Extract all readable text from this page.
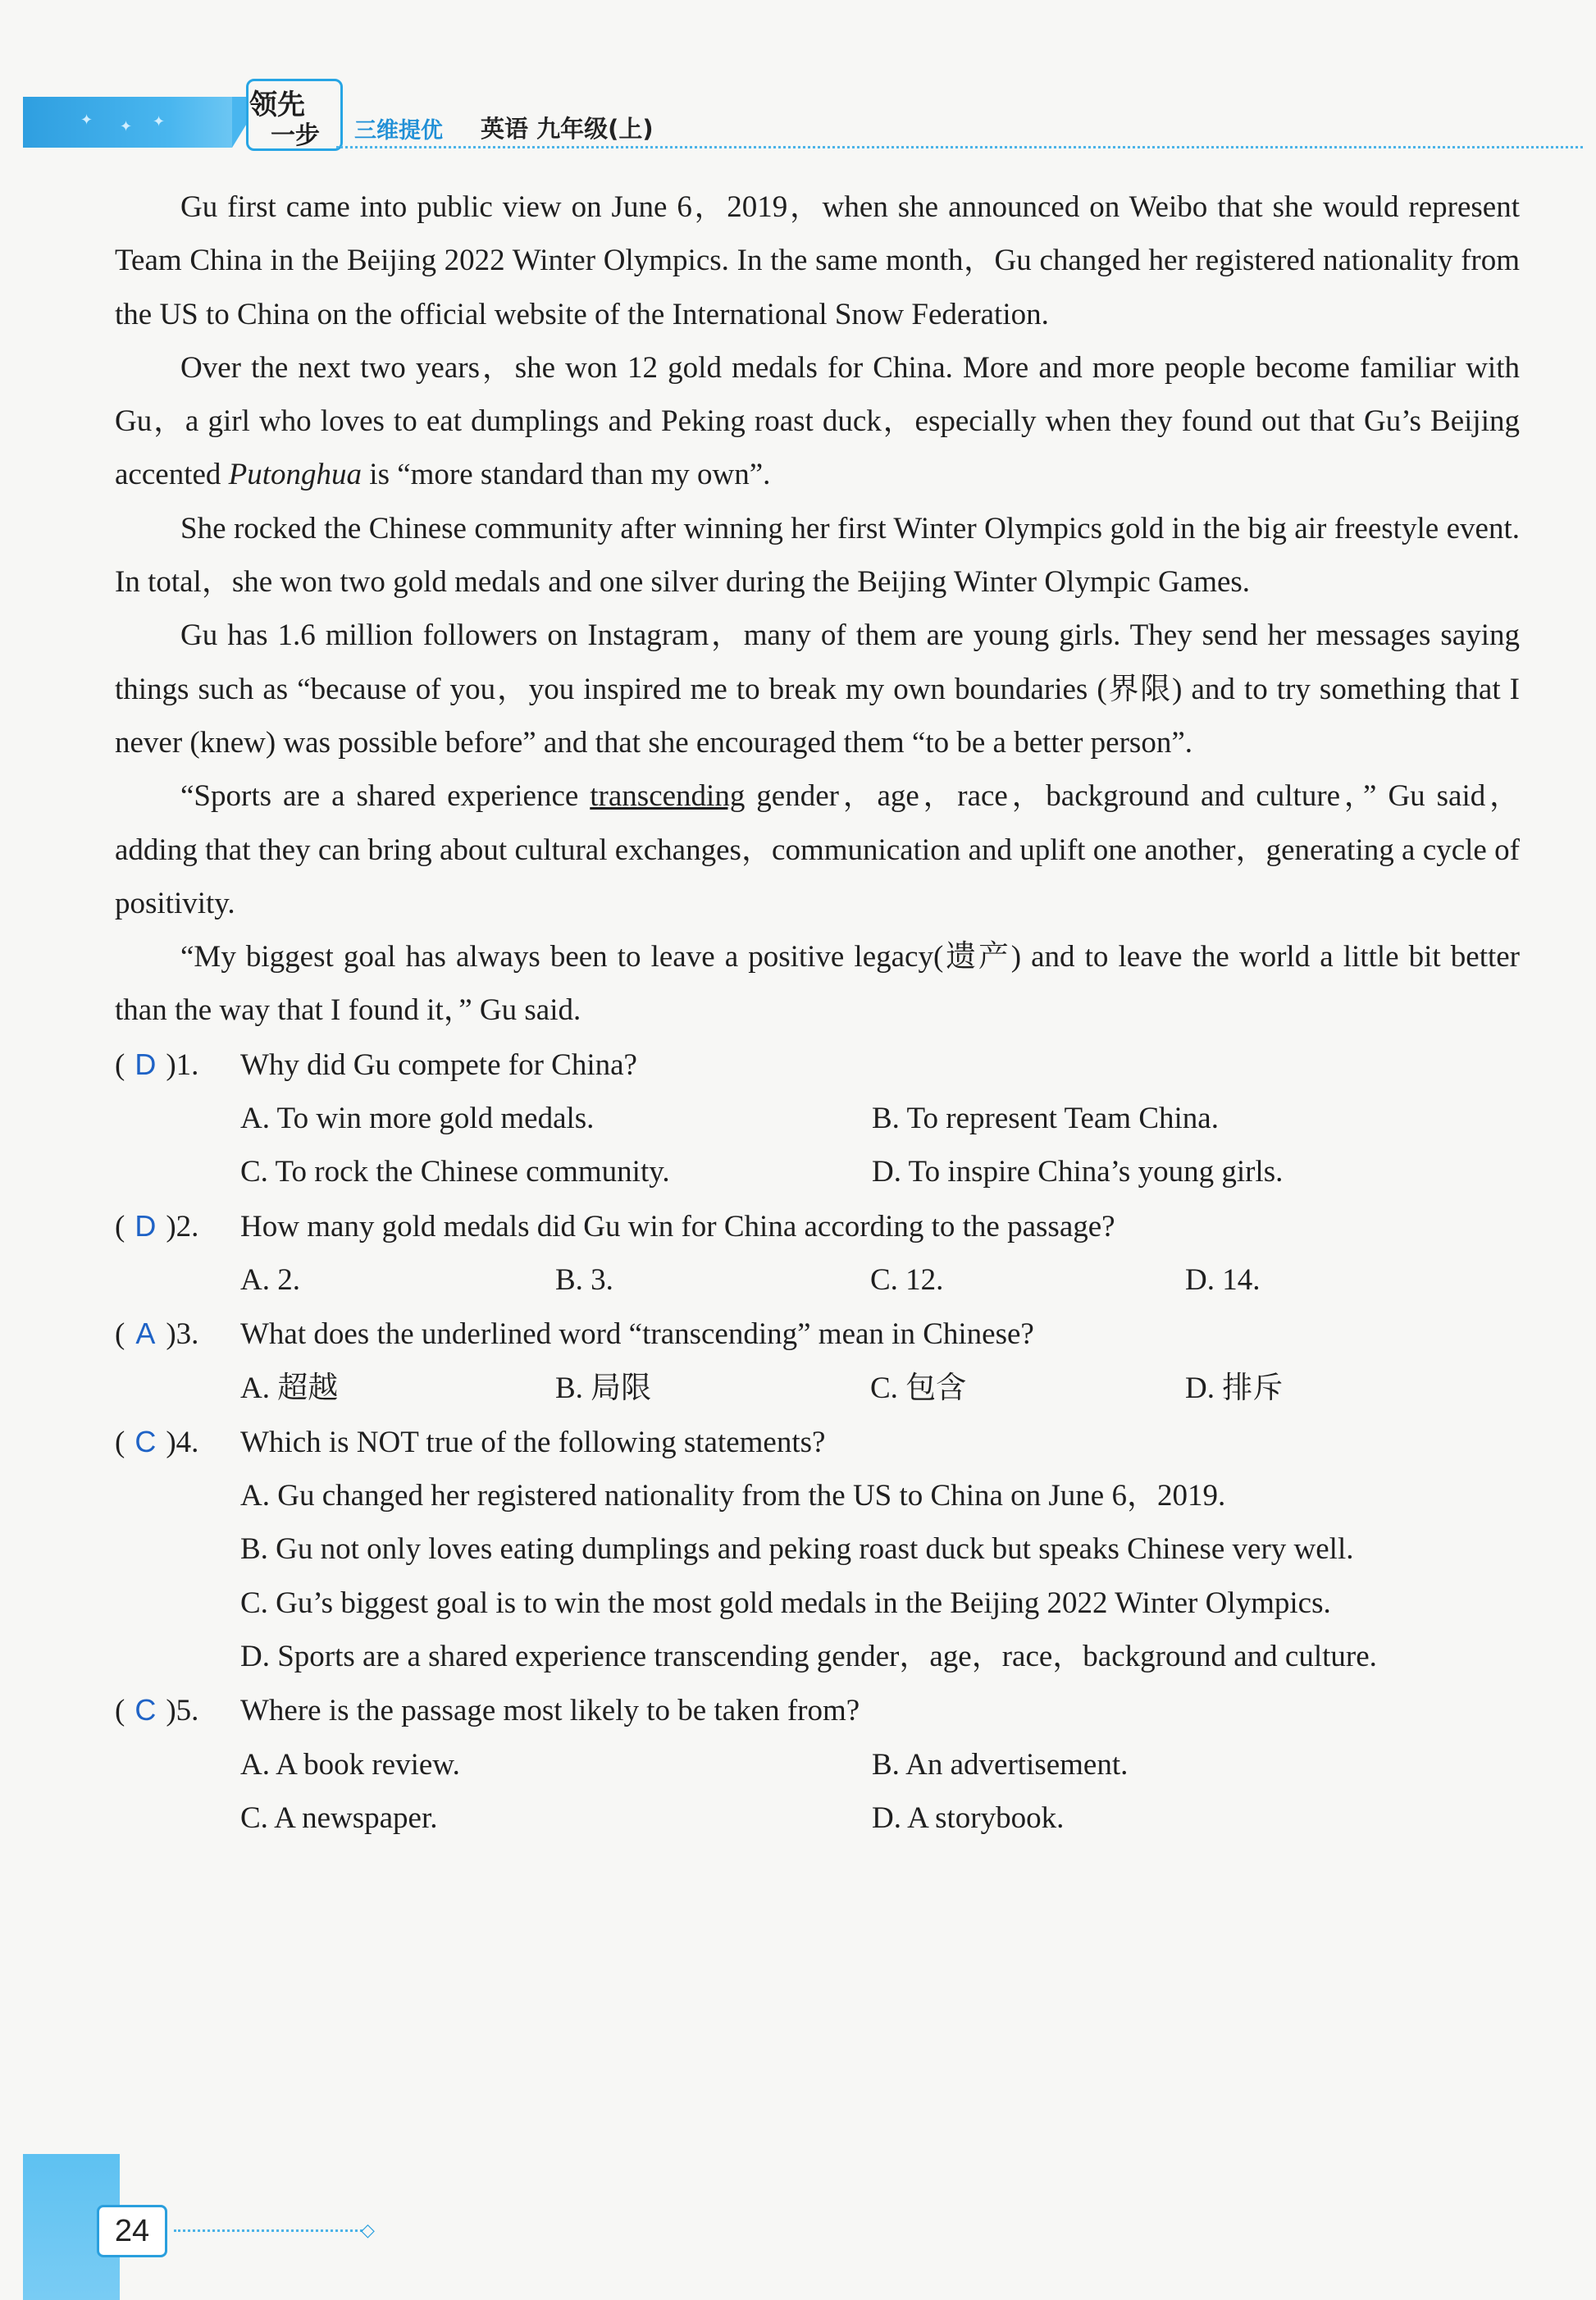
✦ ✦ ✦
领先
一步 三维提优 英语 九年级(上)

Gu first came into public view on June 6，2019，when she announced on Weibo that she would represent Team China in the Beijing 2022 Winter Olympics. In the same month，Gu changed her registered nationality from the US to China on the official website of the International Snow Federation.

Over the next two years，she won 12 gold medals for China. More and more people become familiar with Gu，a girl who loves to eat dumplings and Peking roast duck，especially when they found out that Gu’s Beijing accented Putonghua is “more standard than my own”.

She rocked the Chinese community after winning her first Winter Olympics gold in the big air freestyle event. In total，she won two gold medals and one silver during the Beijing Winter Olympic Games.

Gu has 1.6 million followers on Instagram，many of them are young girls. They send her messages saying things such as “because of you，you inspired me to break my own boundaries (界限) and to try something that I never (knew) was possible before” and that she encouraged them “to be a better person”.

“Sports are a shared experience transcending gender，age，race，background and culture，” Gu said，adding that they can bring about cultural exchanges，communication and uplift one another，generating a cycle of positivity.

“My biggest goal has always been to leave a positive legacy(遗产) and to leave the world a little bit better than the way that I found it，” Gu said.

( D )1.	Why did Gu compete for China?
A. To win more gold medals.	B. To represent Team China.
C. To rock the Chinese community.	D. To inspire China’s young girls.
( D )2.	How many gold medals did Gu win for China according to the passage?
A. 2.	B. 3.	C. 12.	D. 14.
( A )3.	What does the underlined word “transcending” mean in Chinese?
A. 超越	B. 局限	C. 包含	D. 排斥
( C )4.	Which is NOT true of the following statements?
A. Gu changed her registered nationality from the US to China on June 6，2019.
B. Gu not only loves eating dumplings and peking roast duck but speaks Chinese very well.
C. Gu’s biggest goal is to win the most gold medals in the Beijing 2022 Winter Olympics.
D. Sports are a shared experience transcending gender，age，race，background and culture.
( C )5.	Where is the passage most likely to be taken from?
A. A book review.	B. An advertisement.
C. A newspaper.	D. A storybook.
24	◇
